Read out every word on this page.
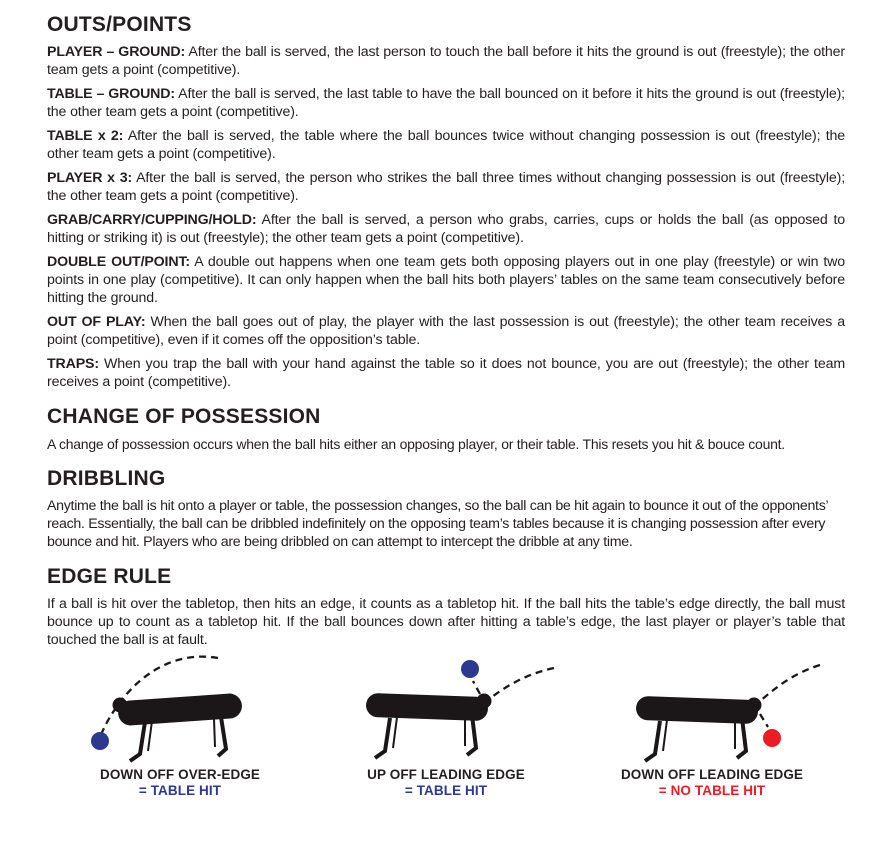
OUTS/POINTS

PLAYER – GROUND: After the ball is served, the last person to touch the ball before it hits the ground is out (freestyle); the other team gets a point (competitive).

TABLE – GROUND: After the ball is served, the last table to have the ball bounced on it before it hits the ground is out (freestyle); the other team gets a point (competitive).

TABLE x 2: After the ball is served, the table where the ball bounces twice without changing possession is out (freestyle); the other team gets a point (competitive).

PLAYER x 3: After the ball is served, the person who strikes the ball three times without changing possession is out (freestyle); the other team gets a point (competitive).

GRAB/CARRY/CUPPING/HOLD: After the ball is served, a person who grabs, carries, cups or holds the ball (as opposed to hitting or striking it) is out (freestyle); the other team gets a point (competitive).

DOUBLE OUT/POINT: A double out happens when one team gets both opposing players out in one play (freestyle) or win two points in one play (competitive). It can only happen when the ball hits both players’ tables on the same team consecutively before hitting the ground.

OUT OF PLAY: When the ball goes out of play, the player with the last possession is out (freestyle); the other team receives a point (competitive), even if it comes off the opposition’s table.

TRAPS: When you trap the ball with your hand against the table so it does not bounce, you are out (freestyle); the other team receives a point (competitive).

CHANGE OF POSSESSION

A change of possession occurs when the ball hits either an opposing player, or their table. This resets you hit & bouce count.

DRIBBLING

Anytime the ball is hit onto a player or table, the possession changes, so the ball can be hit again to bounce it out of the opponents’ reach. Essentially, the ball can be dribbled indefinitely on the opposing team’s tables because it is changing possession after every bounce and hit. Players who are being dribbled on can attempt to intercept the dribble at any time.

EDGE RULE

If a ball is hit over the tabletop, then hits an edge, it counts as a tabletop hit. If the ball hits the table’s edge directly, the ball must bounce up to count as a tabletop hit. If the ball bounces down after hitting a table’s edge, the last player or player’s table that touched the ball is at fault.

DOWN OFF OVER-EDGE
= TABLE HIT
UP OFF LEADING EDGE
= TABLE HIT
DOWN OFF LEADING EDGE
= NO TABLE HIT
